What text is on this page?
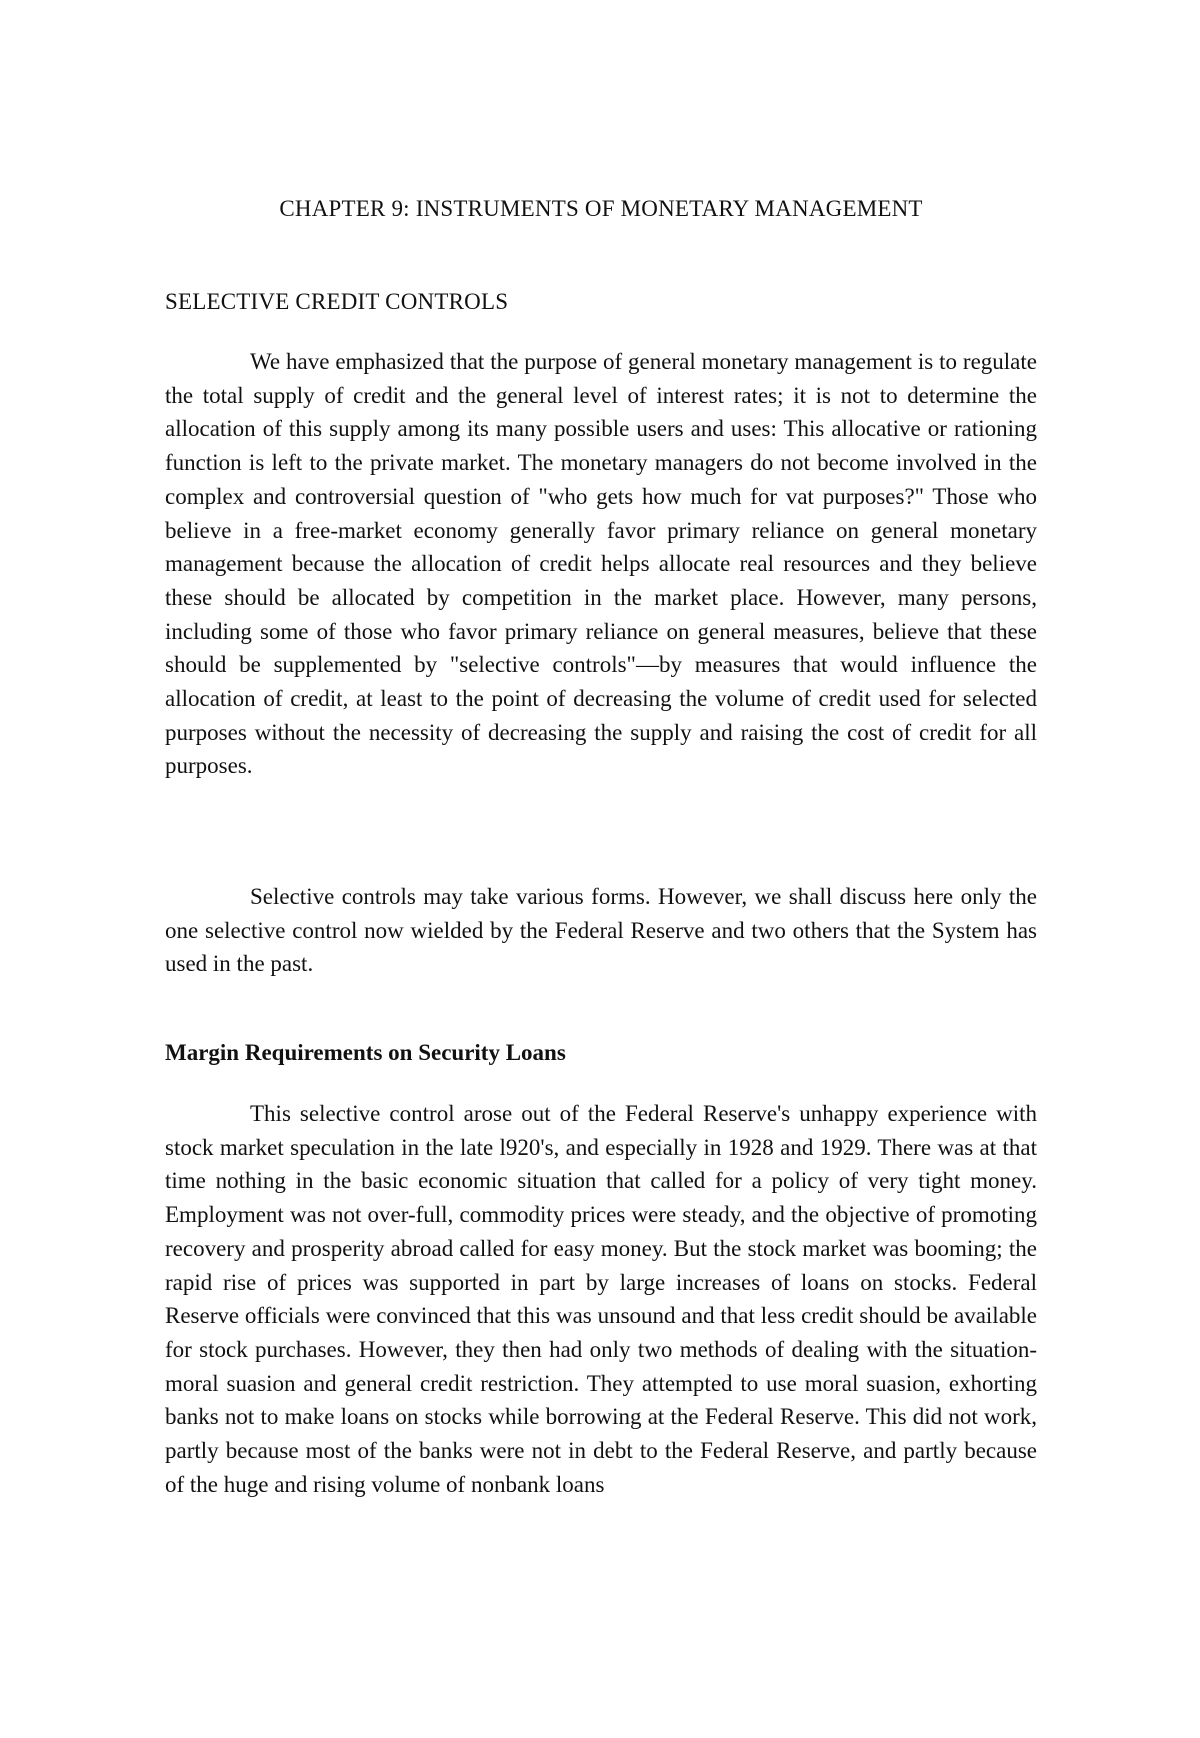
CHAPTER 9: INSTRUMENTS OF MONETARY MANAGEMENT
SELECTIVE CREDIT CONTROLS

We have emphasized that the purpose of general monetary management is to regulate the total supply of credit and the general level of interest rates; it is not to determine the allocation of this supply among its many possible users and uses: This allocative or rationing function is left to the private market. The monetary managers do not become involved in the complex and controversial question of "who gets how much for vat purposes?" Those who believe in a free-market economy generally favor primary reliance on general monetary management because the allocation of credit helps allocate real resources and they believe these should be allocated by competition in the market place. However, many persons, including some of those who favor primary reliance on general measures, believe that these should be supplemented by "selective controls"—by measures that would influence the allocation of credit, at least to the point of decreasing the volume of credit used for selected purposes without the necessity of decreasing the supply and raising the cost of credit for all purposes.

Selective controls may take various forms. However, we shall discuss here only the one selective control now wielded by the Federal Reserve and two others that the System has used in the past.

Margin Requirements on Security Loans

This selective control arose out of the Federal Reserve's unhappy experience with stock market speculation in the late l920's, and especially in 1928 and 1929. There was at that time nothing in the basic economic situation that called for a policy of very tight money. Employment was not over-full, commodity prices were steady, and the objective of promoting recovery and prosperity abroad called for easy money. But the stock market was booming; the rapid rise of prices was supported in part by large increases of loans on stocks. Federal Reserve officials were convinced that this was unsound and that less credit should be available for stock purchases. However, they then had only two methods of dealing with the situation-moral suasion and general credit restriction. They attempted to use moral suasion, exhorting banks not to make loans on stocks while borrowing at the Federal Reserve. This did not work, partly because most of the banks were not in debt to the Federal Reserve, and partly because of the huge and rising volume of nonbank loans
